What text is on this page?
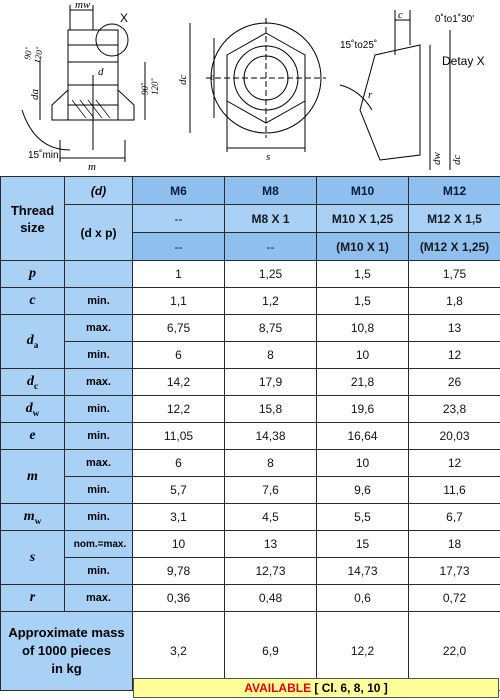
mw
X
90˚
120˚
da
d
90˚ 120˚
15˚min
m
e
dc
s
c	0˚to1˚30'
15˚to25˚
Detay X
r
dw dc
Thread
size	(d)	M6	M8	M10	M12
	(d x p)	--	M8 X 1	M10 X 1,25	M12 X 1,5
		--	--	(M10 X 1)	(M12 X 1,25)
p		1	1,25	1,5	1,75
c	min.	1,1	1,2	1,5	1,8
$d_a$	max.	6,75	8,75	10,8	13
	min.	6	8	10	12
$d_c$	max.	14,2	17,9	21,8	26
$d_w$	min.	12,2	15,8	19,6	23,8
e	min.	11,05	14,38	16,64	20,03
m	max.	6	8	10	12
	min.	5,7	7,6	9,6	11,6
$m_w$	min.	3,1	4,5	5,5	6,7
s	nom.=max.	10	13	15	18
	min.	9,78	12,73	14,73	17,73
r	max.	0,36	0,48	0,6	0,72
Approximate mass
of 1000 pieces
in kg		3,2	6,9	12,2	22,0
AVAILABLE [ Cl. 6, 8, 10 ]
